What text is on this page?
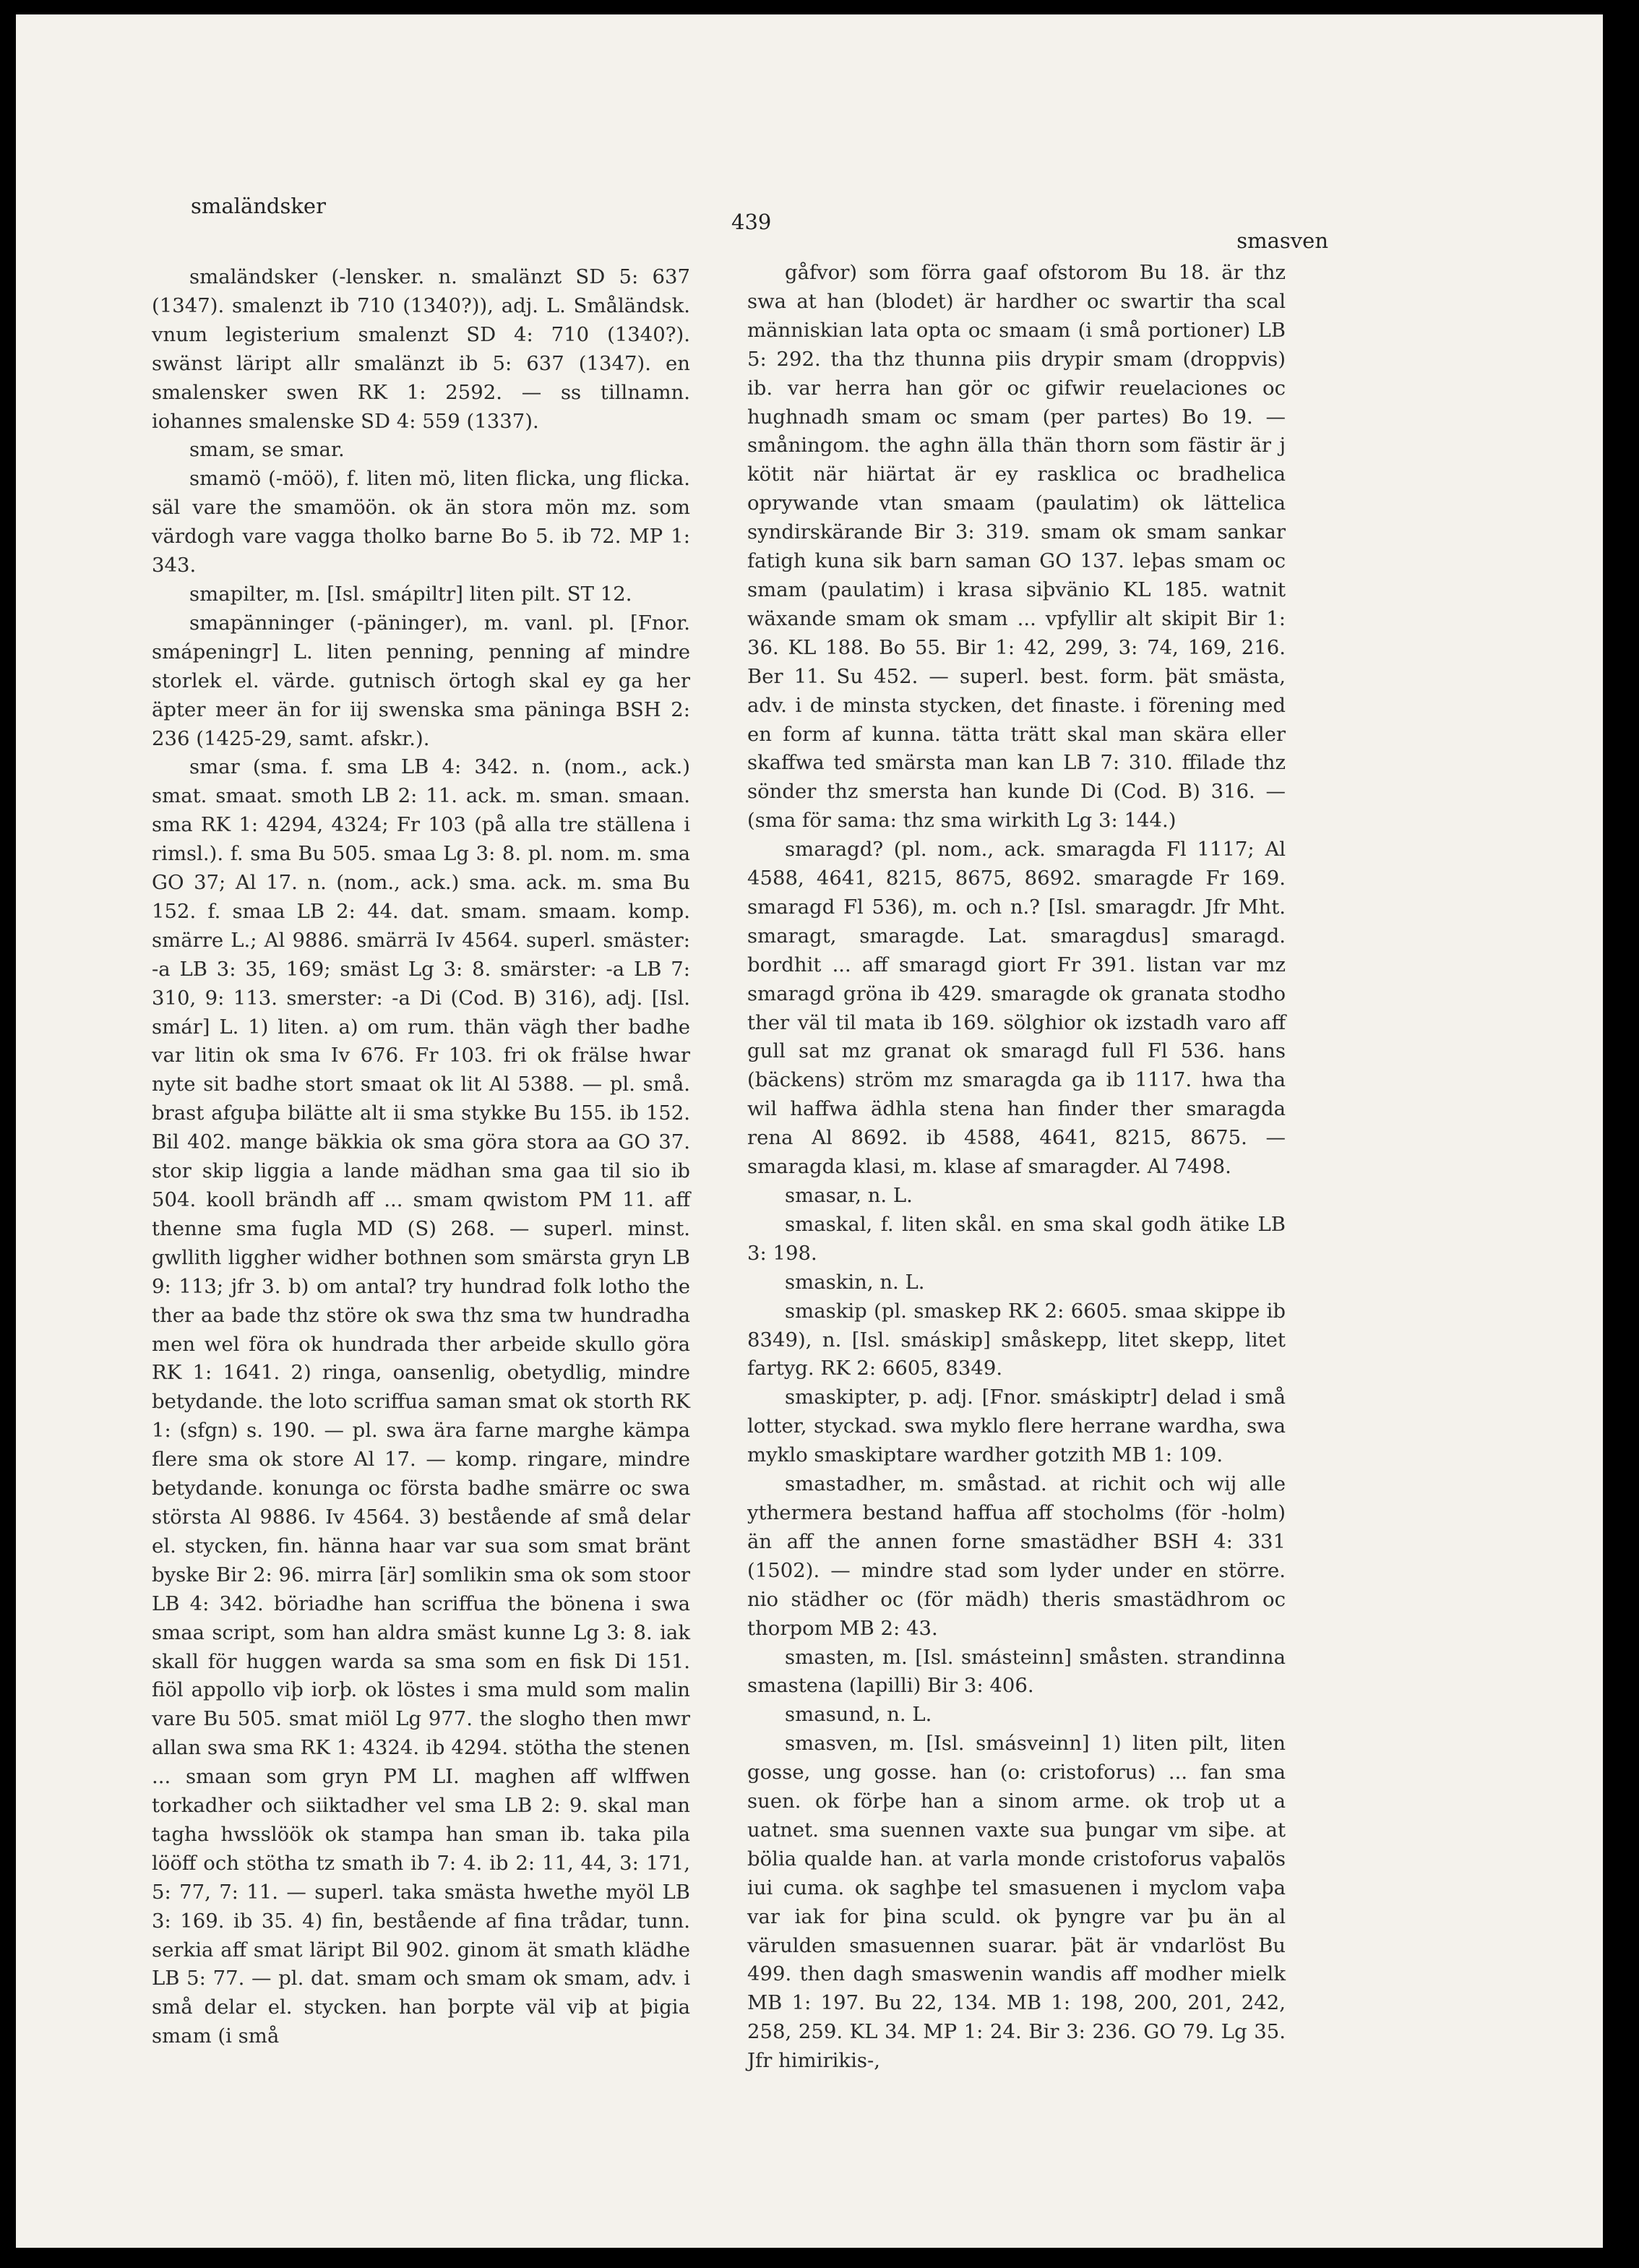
smaländsker
439
smasven

smaländsker (-lensker. n. smalänzt SD 5: 637 (1347). smalenzt ib 710 (1340?)), adj. L. Småländsk. vnum legisterium smalenzt SD 4: 710 (1340?). swänst läript allr smalänzt ib 5: 637 (1347). en smalensker swen RK 1: 2592. — ss tillnamn. iohannes smalenske SD 4: 559 (1337).

smam, se smar.

smamö (-möö), f. liten mö, liten flicka, ung flicka. säl vare the smamöön. ok än stora mön mz. som värdogh vare vagga tholko barne Bo 5. ib 72. MP 1: 343.

smapilter, m. [Isl. smápiltr] liten pilt. ST 12.

smapänninger (-päninger), m. vanl. pl. [Fnor. smápeningr] L. liten penning, penning af mindre storlek el. värde. gutnisch örtogh skal ey ga her äpter meer än for iij swenska sma päninga BSH 2: 236 (1425-29, samt. afskr.).

smar (sma. f. sma LB 4: 342. n. (nom., ack.) smat. smaat. smoth LB 2: 11. ack. m. sman. smaan. sma RK 1: 4294, 4324; Fr 103 (på alla tre ställena i rimsl.). f. sma Bu 505. smaa Lg 3: 8. pl. nom. m. sma GO 37; Al 17. n. (nom., ack.) sma. ack. m. sma Bu 152. f. smaa LB 2: 44. dat. smam. smaam. komp. smärre L.; Al 9886. smärrä Iv 4564. superl. smäster: -a LB 3: 35, 169; smäst Lg 3: 8. smärster: -a LB 7: 310, 9: 113. smerster: -a Di (Cod. B) 316), adj. [Isl. smár] L. 1) liten. a) om rum. thän vägh ther badhe var litin ok sma Iv 676. Fr 103. fri ok frälse hwar nyte sit badhe stort smaat ok lit Al 5388. — pl. små. brast afguþa bilätte alt ii sma stykke Bu 155. ib 152. Bil 402. mange bäkkia ok sma göra stora aa GO 37. stor skip liggia a lande mädhan sma gaa til sio ib 504. kooll brändh aff ... smam qwistom PM 11. aff thenne sma fugla MD (S) 268. — superl. minst. gwllith liggher widher bothnen som smärsta gryn LB 9: 113; jfr 3. b) om antal? try hundrad folk lotho the ther aa bade thz störe ok swa thz sma tw hundradha men wel föra ok hundrada ther arbeide skullo göra RK 1: 1641. 2) ringa, oansenlig, obetydlig, mindre betydande. the loto scriffua saman smat ok storth RK 1: (sfgn) s. 190. — pl. swa ära farne marghe kämpa flere sma ok store Al 17. — komp. ringare, mindre betydande. konunga oc första badhe smärre oc swa största Al 9886. Iv 4564. 3) bestående af små delar el. stycken, fin. hänna haar var sua som smat bränt byske Bir 2: 96. mirra [är] somlikin sma ok som stoor LB 4: 342. böriadhe han scriffua the bönena i swa smaa script, som han aldra smäst kunne Lg 3: 8. iak skall för huggen warda sa sma som en fisk Di 151. fiöl appollo viþ iorþ. ok löstes i sma muld som malin vare Bu 505. smat miöl Lg 977. the slogho then mwr allan swa sma RK 1: 4324. ib 4294. stötha the stenen ... smaan som gryn PM LI. maghen aff wlffwen torkadher och siiktadher vel sma LB 2: 9. skal man tagha hwsslöök ok stampa han sman ib. taka pila lööff och stötha tz smath ib 7: 4. ib 2: 11, 44, 3: 171, 5: 77, 7: 11. — superl. taka smästa hwethe myöl LB 3: 169. ib 35. 4) fin, bestående af fina trådar, tunn. serkia aff smat läript Bil 902. ginom ät smath klädhe LB 5: 77. — pl. dat. smam och smam ok smam, adv. i små delar el. stycken. han þorpte väl viþ at þigia smam (i små

gåfvor) som förra gaaf ofstorom Bu 18. är thz swa at han (blodet) är hardher oc swartir tha scal människian lata opta oc smaam (i små portioner) LB 5: 292. tha thz thunna piis drypir smam (droppvis) ib. var herra han gör oc gifwir reuelaciones oc hughnadh smam oc smam (per partes) Bo 19. — småningom. the aghn älla thän thorn som fästir är j kötit när hiärtat är ey rasklica oc bradhelica oprywande vtan smaam (paulatim) ok lättelica syndirskärande Bir 3: 319. smam ok smam sankar fatigh kuna sik barn saman GO 137. leþas smam oc smam (paulatim) i krasa siþvänio KL 185. watnit wäxande smam ok smam ... vpfyllir alt skipit Bir 1: 36. KL 188. Bo 55. Bir 1: 42, 299, 3: 74, 169, 216. Ber 11. Su 452. — superl. best. form. þät smästa, adv. i de minsta stycken, det finaste. i förening med en form af kunna. tätta trätt skal man skära eller skaffwa ted smärsta man kan LB 7: 310. ffilade thz sönder thz smersta han kunde Di (Cod. B) 316. — (sma för sama: thz sma wirkith Lg 3: 144.)

smaragd? (pl. nom., ack. smaragda Fl 1117; Al 4588, 4641, 8215, 8675, 8692. smaragde Fr 169. smaragd Fl 536), m. och n.? [Isl. smaragdr. Jfr Mht. smaragt, smaragde. Lat. smaragdus] smaragd. bordhit ... aff smaragd giort Fr 391. listan var mz smaragd gröna ib 429. smaragde ok granata stodho ther väl til mata ib 169. sölghior ok izstadh varo aff gull sat mz granat ok smaragd full Fl 536. hans (bäckens) ström mz smaragda ga ib 1117. hwa tha wil haffwa ädhla stena han finder ther smaragda rena Al 8692. ib 4588, 4641, 8215, 8675. — smaragda klasi, m. klase af smaragder. Al 7498.

smasar, n. L.

smaskal, f. liten skål. en sma skal godh ätike LB 3: 198.

smaskin, n. L.

smaskip (pl. smaskep RK 2: 6605. smaa skippe ib 8349), n. [Isl. smáskip] småskepp, litet skepp, litet fartyg. RK 2: 6605, 8349.

smaskipter, p. adj. [Fnor. smáskiptr] delad i små lotter, styckad. swa myklo flere herrane wardha, swa myklo smaskiptare wardher gotzith MB 1: 109.

smastadher, m. småstad. at richit och wij alle ythermera bestand haffua aff stocholms (för -holm) än aff the annen forne smastädher BSH 4: 331 (1502). — mindre stad som lyder under en större. nio städher oc (för mädh) theris smastädhrom oc thorpom MB 2: 43.

smasten, m. [Isl. smásteinn] småsten. strandinna smastena (lapilli) Bir 3: 406.

smasund, n. L.

smasven, m. [Isl. smásveinn] 1) liten pilt, liten gosse, ung gosse. han (o: cristoforus) ... fan sma suen. ok förþe han a sinom arme. ok troþ ut a uatnet. sma suennen vaxte sua þungar vm siþe. at bölia qualde han. at varla monde cristoforus vaþalös iui cuma. ok saghþe tel smasuenen i myclom vaþa var iak for þina sculd. ok þyngre var þu än al värulden smasuennen suarar. þät är vndarlöst Bu 499. then dagh smaswenin wandis aff modher mielk MB 1: 197. Bu 22, 134. MB 1: 198, 200, 201, 242, 258, 259. KL 34. MP 1: 24. Bir 3: 236. GO 79. Lg 35. Jfr himirikis-,
